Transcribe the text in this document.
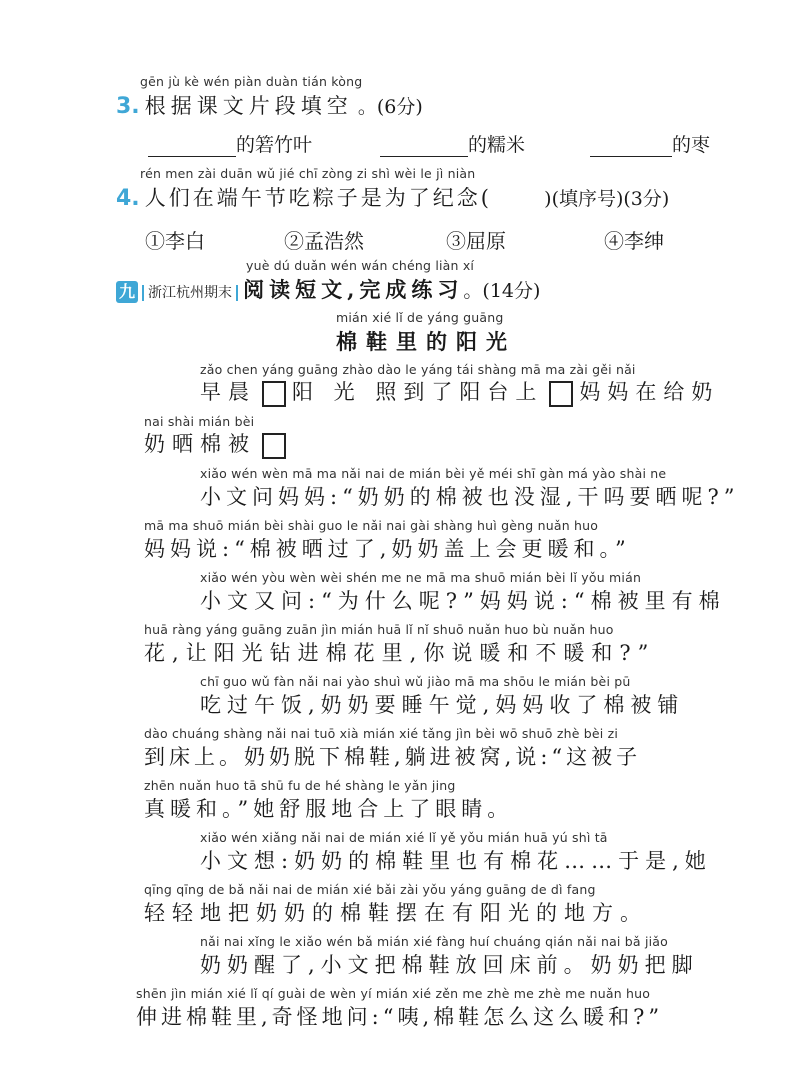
gēn jù kè wén piàn duàn tián kòng
3. 根据课文片段填空 。(6分)
的箬竹叶	的糯米	的枣
rén men zài duān wǔ jié chī zòng zi shì wèi le jì niàn
4. 人们在端午节吃粽子是为了纪念(	)(填序号)(3分)
①李白	②孟浩然	③屈原	④李绅
yuè dú duǎn wén wán chéng liàn xí
九 浙江杭州期末 阅读短文,完成练习。(14分)
mián xié lǐ de yáng guāng
棉鞋里的阳光
zǎo chen yáng guāng zhào dào le yáng tái shàng mā ma zài gěi nǎi
早晨 阳 光 照到了阳台上 妈妈在给奶
nai shài mián bèi
奶晒棉被
xiǎo wén wèn mā ma nǎi nai de mián bèi yě méi shī gàn má yào shài ne
小文问妈妈:“奶奶的棉被也没湿,干吗要晒呢?”
mā ma shuō mián bèi shài guo le nǎi nai gài shàng huì gèng nuǎn huo
妈妈说:“棉被晒过了,奶奶盖上会更暖和。”
xiǎo wén yòu wèn wèi shén me ne mā ma shuō mián bèi lǐ yǒu mián
小文又问:“为什么呢?”妈妈说:“棉被里有棉
huā ràng yáng guāng zuān jìn mián huā lǐ nǐ shuō nuǎn huo bù nuǎn huo
花,让阳光钻进棉花里,你说暖和不暖和?”
chī guo wǔ fàn nǎi nai yào shuì wǔ jiào mā ma shōu le mián bèi pū
吃过午饭,奶奶要睡午觉,妈妈收了棉被铺
dào chuáng shàng nǎi nai tuō xià mián xié tǎng jìn bèi wō shuō zhè bèi zi
到床上。奶奶脱下棉鞋,躺进被窝,说:“这被子
zhēn nuǎn huo tā shū fu de hé shàng le yǎn jing
真暖和。”她舒服地合上了眼睛。
xiǎo wén xiǎng nǎi nai de mián xié lǐ yě yǒu mián huā yú shì tā
小文想:奶奶的棉鞋里也有棉花……于是,她
qīng qīng de bǎ nǎi nai de mián xié bǎi zài yǒu yáng guāng de dì fang
轻轻地把奶奶的棉鞋摆在有阳光的地方。
nǎi nai xǐng le xiǎo wén bǎ mián xié fàng huí chuáng qián nǎi nai bǎ jiǎo
奶奶醒了,小文把棉鞋放回床前。奶奶把脚
shēn jìn mián xié lǐ qí guài de wèn yí mián xié zěn me zhè me zhè me nuǎn huo
伸进棉鞋里,奇怪地问:“咦,棉鞋怎么这么暖和?”
